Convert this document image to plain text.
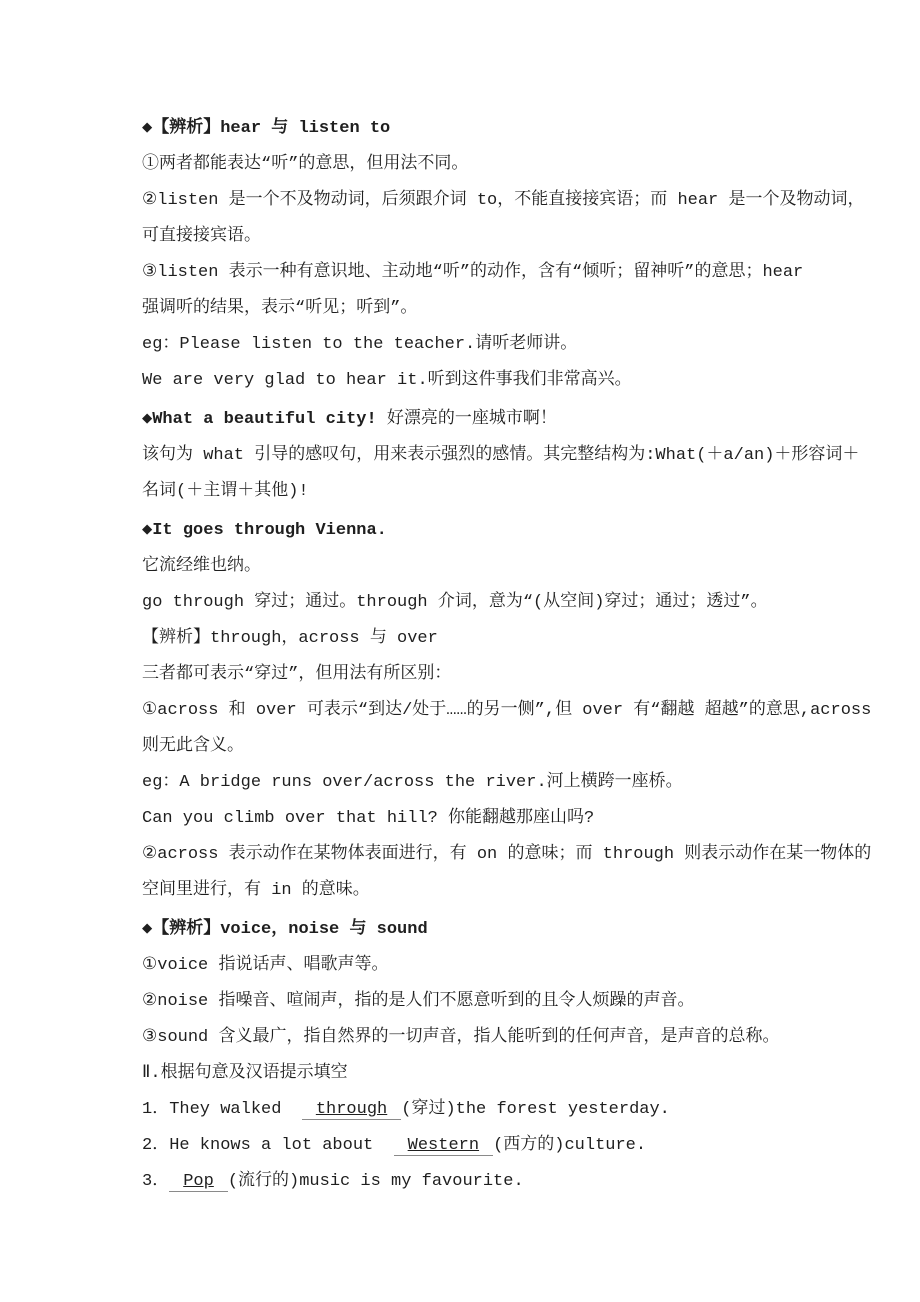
◆【辨析】hear 与 listen to
①两者都能表达“听”的意思，但用法不同。
②listen 是一个不及物动词，后须跟介词 to，不能直接接宾语；而 hear 是一个及物动词，
可直接接宾语。
③listen 表示一种有意识地、主动地“听”的动作，含有“倾听；留神听”的意思；hear
强调听的结果，表示“听见；听到”。
eg：Please listen to the teacher.请听老师讲。
We are very glad to hear it.听到这件事我们非常高兴。
◆What a beautiful city! 好漂亮的一座城市啊！
该句为 what 引导的感叹句，用来表示强烈的感情。其完整结构为:What(＋a/an)＋形容词＋
名词(＋主谓＋其他)!
◆It goes through Vienna.
它流经维也纳。
go through 穿过；通过。through 介词，意为“(从空间)穿过；通过；透过”。
【辨析】through，across 与 over
三者都可表示“穿过”，但用法有所区别：
①across 和 over 可表示“到达/处于……的另一侧”,但 over 有“翻越 超越”的意思,across
则无此含义。
eg：A bridge runs over/across the river.河上横跨一座桥。
Can you climb over that hill? 你能翻越那座山吗?
②across 表示动作在某物体表面进行，有 on 的意味；而 through 则表示动作在某一物体的
空间里进行，有 in 的意味。
◆【辨析】voice，noise 与 sound
①voice 指说话声、唱歌声等。
②noise 指噪音、喧闹声，指的是人们不愿意听到的且令人烦躁的声音。
③sound 含义最广，指自然界的一切声音，指人能听到的任何声音，是声音的总称。
Ⅱ.根据句意及汉语提示填空
1．They walked  through (穿过)the forest yesterday.
2．He knows a lot about  Western (西方的)culture.
3． Pop (流行的)music is my favourite.
